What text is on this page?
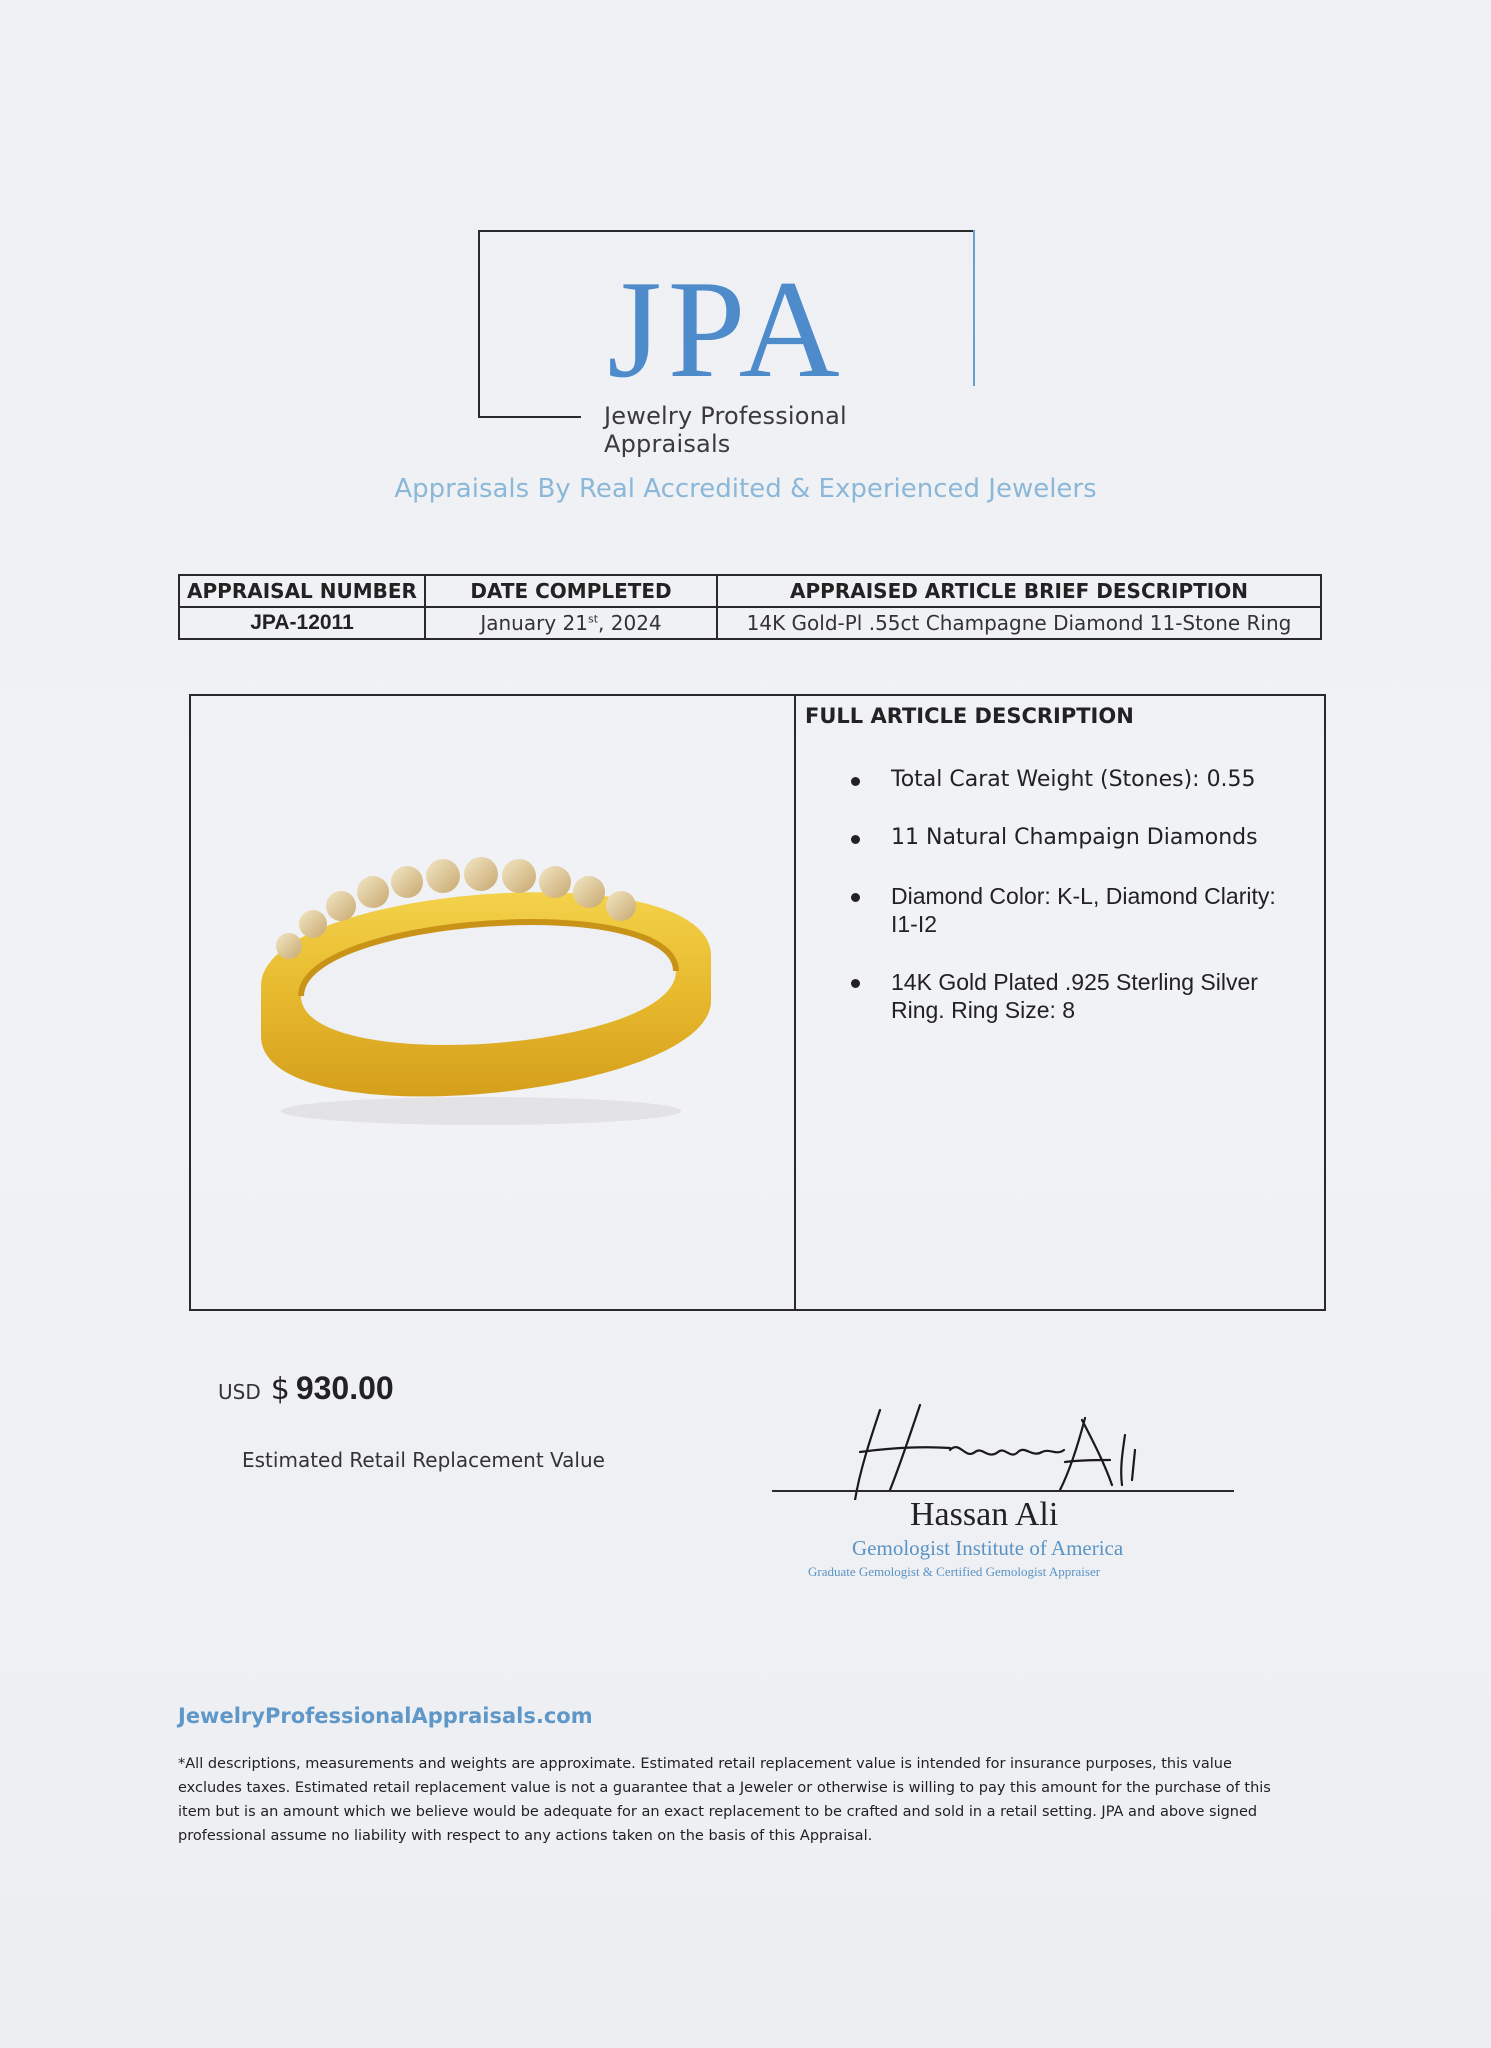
JPA
Jewelry Professional Appraisals
Appraisals By Real Accredited & Experienced Jewelers
APPRAISAL NUMBER	DATE COMPLETED	APPRAISED ARTICLE BRIEF DESCRIPTION
JPA-12011	January 21st, 2024	14K Gold-Pl .55ct Champagne Diamond 11-Stone Ring
FULL ARTICLE DESCRIPTION
Total Carat Weight (Stones): 0.55
11 Natural Champaign Diamonds
Diamond Color: K-L, Diamond Clarity: I1-I2
14K Gold Plated .925 Sterling Silver Ring. Ring Size: 8
USD $ 930.00
Estimated Retail Replacement Value
Hassan Ali
Gemologist Institute of America
Graduate Gemologist & Certified Gemologist Appraiser
JewelryProfessionalAppraisals.com
*All descriptions, measurements and weights are approximate. Estimated retail replacement value is intended for insurance purposes, this value excludes taxes. Estimated retail replacement value is not a guarantee that a Jeweler or otherwise is willing to pay this amount for the purchase of this item but is an amount which we believe would be adequate for an exact replacement to be crafted and sold in a retail setting. JPA and above signed professional assume no liability with respect to any actions taken on the basis of this Appraisal.
